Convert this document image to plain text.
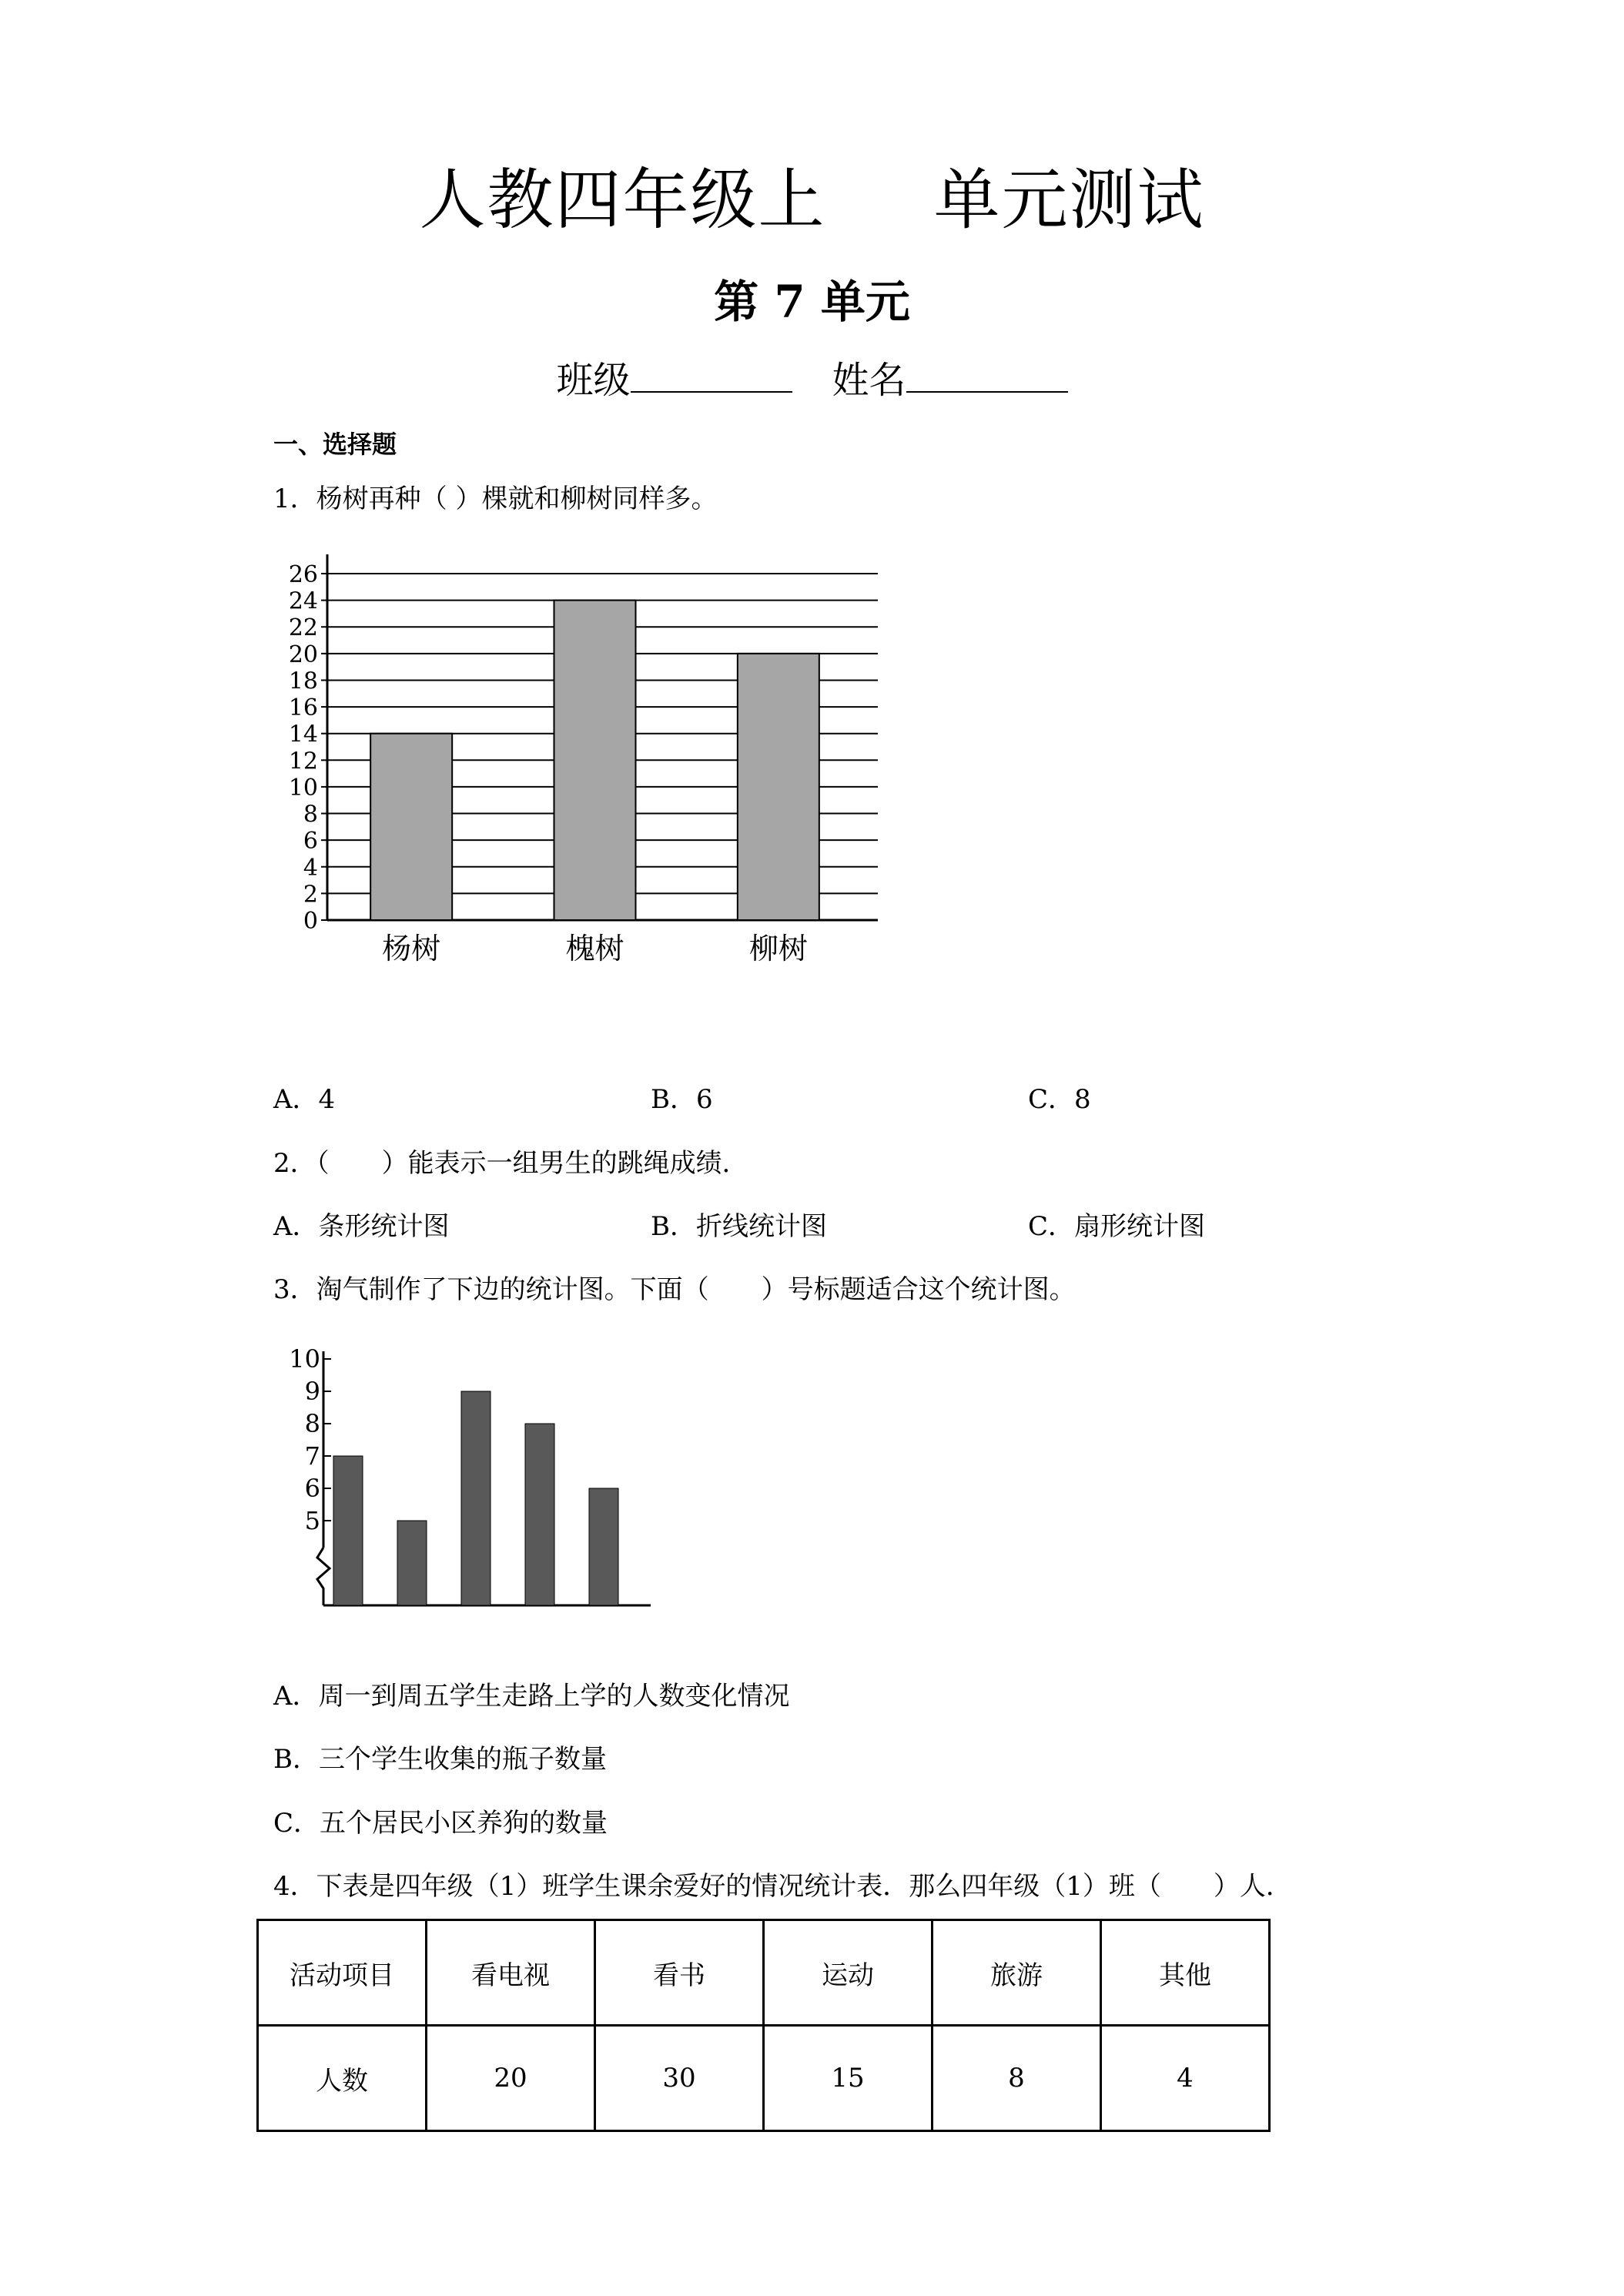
人教四年级上 单元测试
第 7 单元
班级	姓名
一、选择题
1．杨树再种（ ）棵就和柳树同样多。
0
2
4
6
8
10
12
14
16
18
20
22
24
26
杨树	槐树	柳树
A．4	B．6	C．8
2．（　　）能表示一组男生的跳绳成绩．
A．条形统计图	B．折线统计图	C．扇形统计图
3．淘气制作了下边的统计图。下面（　　）号标题适合这个统计图。
5
6
7
8
9
10
A．周一到周五学生走路上学的人数变化情况
B．三个学生收集的瓶子数量
C．五个居民小区养狗的数量
4．下表是四年级（1）班学生课余爱好的情况统计表．那么四年级（1）班（　　）人．
活动项目	看电视	看书	运动	旅游	其他
人数	20	30	15	8	4
